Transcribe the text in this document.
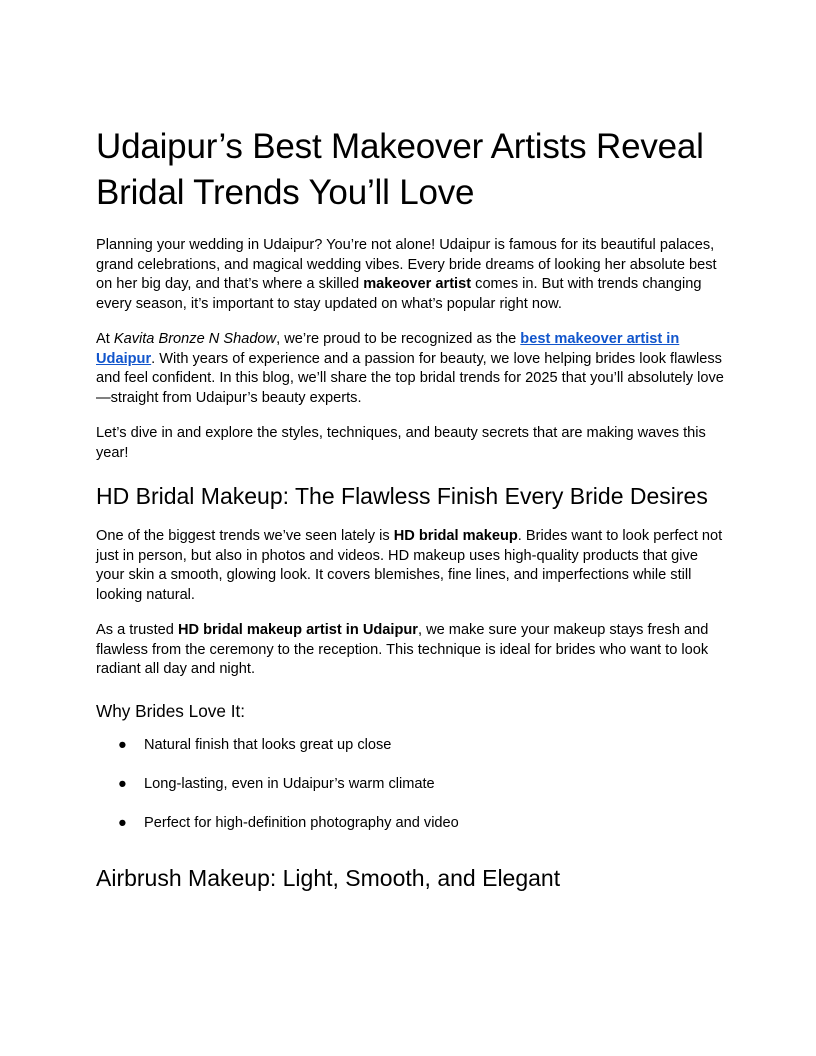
Udaipur’s Best Makeover Artists Reveal Bridal Trends You’ll Love

Planning your wedding in Udaipur? You’re not alone! Udaipur is famous for its beautiful palaces, grand celebrations, and magical wedding vibes. Every bride dreams of looking her absolute best on her big day, and that’s where a skilled makeover artist comes in. But with trends changing every season, it’s important to stay updated on what’s popular right now.

At Kavita Bronze N Shadow, we’re proud to be recognized as the best makeover artist in Udaipur. With years of experience and a passion for beauty, we love helping brides look flawless and feel confident. In this blog, we’ll share the top bridal trends for 2025 that you’ll absolutely love—straight from Udaipur’s beauty experts.

Let’s dive in and explore the styles, techniques, and beauty secrets that are making waves this year!

HD Bridal Makeup: The Flawless Finish Every Bride Desires

One of the biggest trends we’ve seen lately is HD bridal makeup. Brides want to look perfect not just in person, but also in photos and videos. HD makeup uses high-quality products that give your skin a smooth, glowing look. It covers blemishes, fine lines, and imperfections while still looking natural.

As a trusted HD bridal makeup artist in Udaipur, we make sure your makeup stays fresh and flawless from the ceremony to the reception. This technique is ideal for brides who want to look radiant all day and night.

Why Brides Love It:
● Natural finish that looks great up close
● Long-lasting, even in Udaipur’s warm climate
● Perfect for high-definition photography and video
Airbrush Makeup: Light, Smooth, and Elegant
